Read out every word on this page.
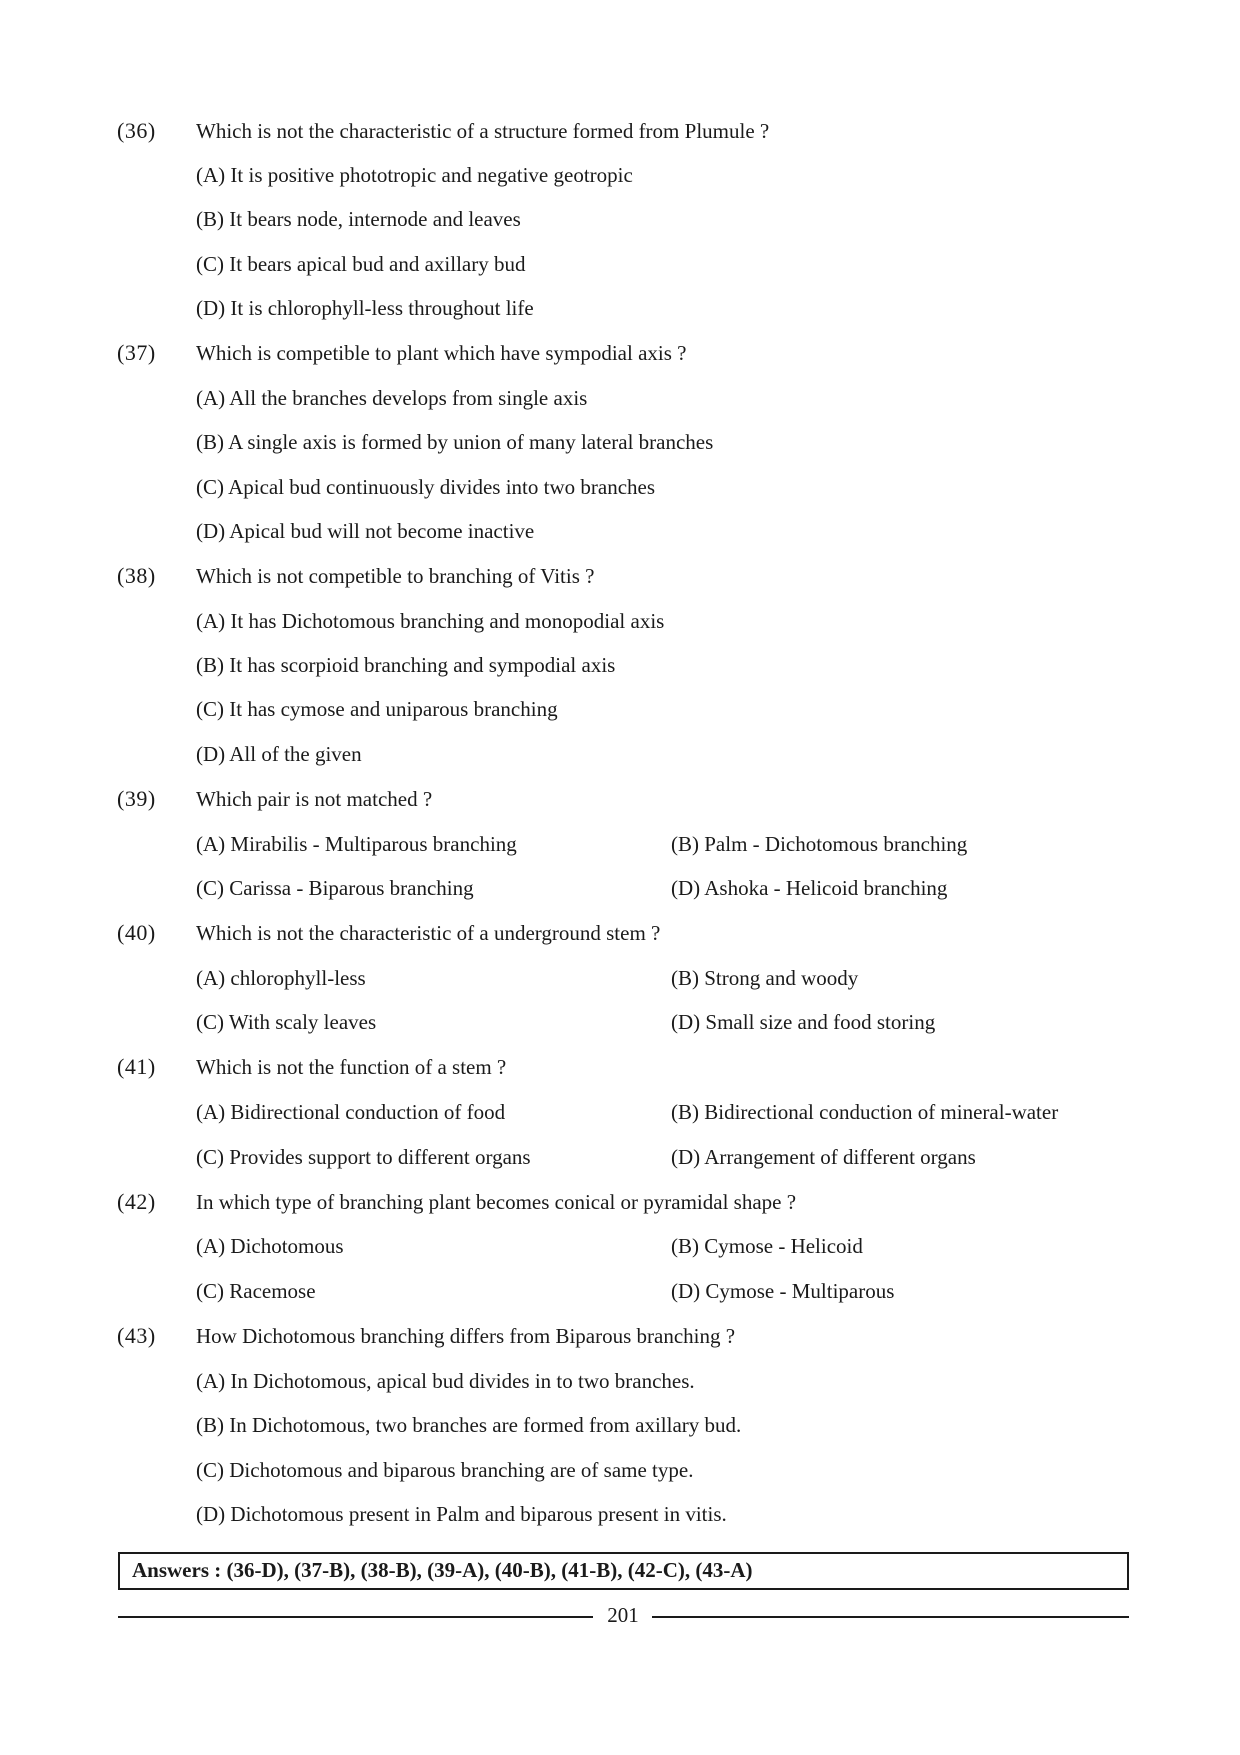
(36) Which is not the characteristic of a structure formed from Plumule ?
(A) It is positive phototropic and negative geotropic
(B) It bears node, internode and leaves
(C) It bears apical bud and axillary bud
(D) It is chlorophyll-less throughout life
(37) Which is competible to plant which have sympodial axis ?
(A) All the branches develops from single axis
(B) A single axis is formed by union of many lateral branches
(C) Apical bud continuously divides into two branches
(D) Apical bud will not become inactive
(38) Which is not competible to branching of Vitis ?
(A) It has Dichotomous branching and monopodial axis
(B) It has scorpioid branching and sympodial axis
(C) It has cymose and uniparous branching
(D) All of the given
(39) Which pair is not matched ?
(A) Mirabilis - Multiparous branching	(B) Palm - Dichotomous branching
(C) Carissa - Biparous branching	(D) Ashoka - Helicoid branching
(40) Which is not the characteristic of a underground stem ?
(A) chlorophyll-less	(B) Strong and woody
(C) With scaly leaves	(D) Small size and food storing
(41) Which is not the function of a stem ?
(A) Bidirectional conduction of food	(B) Bidirectional conduction of mineral-water
(C) Provides support to different organs	(D) Arrangement of different organs
(42) In which type of branching plant becomes conical or pyramidal shape ?
(A) Dichotomous	(B) Cymose - Helicoid
(C) Racemose	(D) Cymose - Multiparous
(43) How Dichotomous branching differs from Biparous branching ?
(A) In Dichotomous, apical bud divides in to two branches.
(B) In Dichotomous, two branches are formed from axillary bud.
(C) Dichotomous and biparous branching are of same type.
(D) Dichotomous present in Palm and biparous present in vitis.
Answers : (36-D), (37-B), (38-B), (39-A), (40-B), (41-B), (42-C), (43-A)
201
